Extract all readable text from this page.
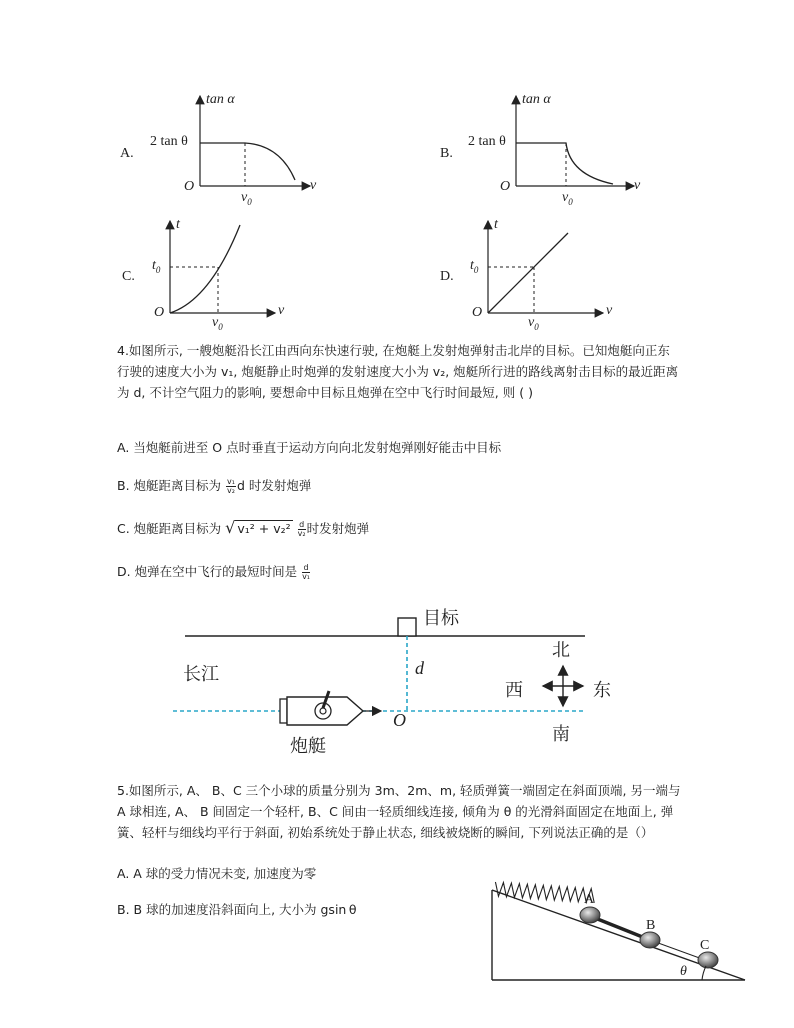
A.
tan α
2 tan θ
O	v
$v_0$
B.
tan α
2 tan θ
O	v
$v_0$
C.
t
$t_0$
O	v
$v_0$
D.
t
$t_0$
O	v
$v_0$
4.如图所示, 一艘炮艇沿长江由西向东快速行驶, 在炮艇上发射炮弹射击北岸的目标。已知炮艇向正东行驶的速度大小为 v₁, 炮艇静止时炮弹的发射速度大小为 v₂, 炮艇所行进的路线离射击目标的最近距离为 d, 不计空气阻力的影响, 要想命中目标且炮弹在空中飞行时间最短, 则 ( )
A. 当炮艇前进至 O 点时垂直于运动方向向北发射炮弹刚好能击中目标
B. 炮艇距离目标为 $\frac{\text{v₁}}{\text{v₂}}$ d 时发射炮弹
C. 炮艇距离目标为 √ $v_1^2 + v_2^2 \frac{d}{\text{v₂}}$ 时发射炮弹
D. 炮弹在空中飞行的最短时间是 $\frac{d}{\text{v₁}}$
目标
长江
炮艇
d
O
北
南
西	东
5.如图所示, A、 B、C 三个小球的质量分别为 3m、2m、m, 轻质弹簧一端固定在斜面顶端, 另一端与 A 球相连, A、 B 间固定一个轻杆, B、C 间由一轻质细线连接, 倾角为 θ 的光滑斜面固定在地面上, 弹簧、轻杆与细线均平行于斜面, 初始系统处于静止状态, 细线被烧断的瞬间, 下列说法正确的是（）
A. A 球的受力情况未变, 加速度为零
B. B 球的加速度沿斜面向上, 大小为 gsin θ
A
B
C
θ
